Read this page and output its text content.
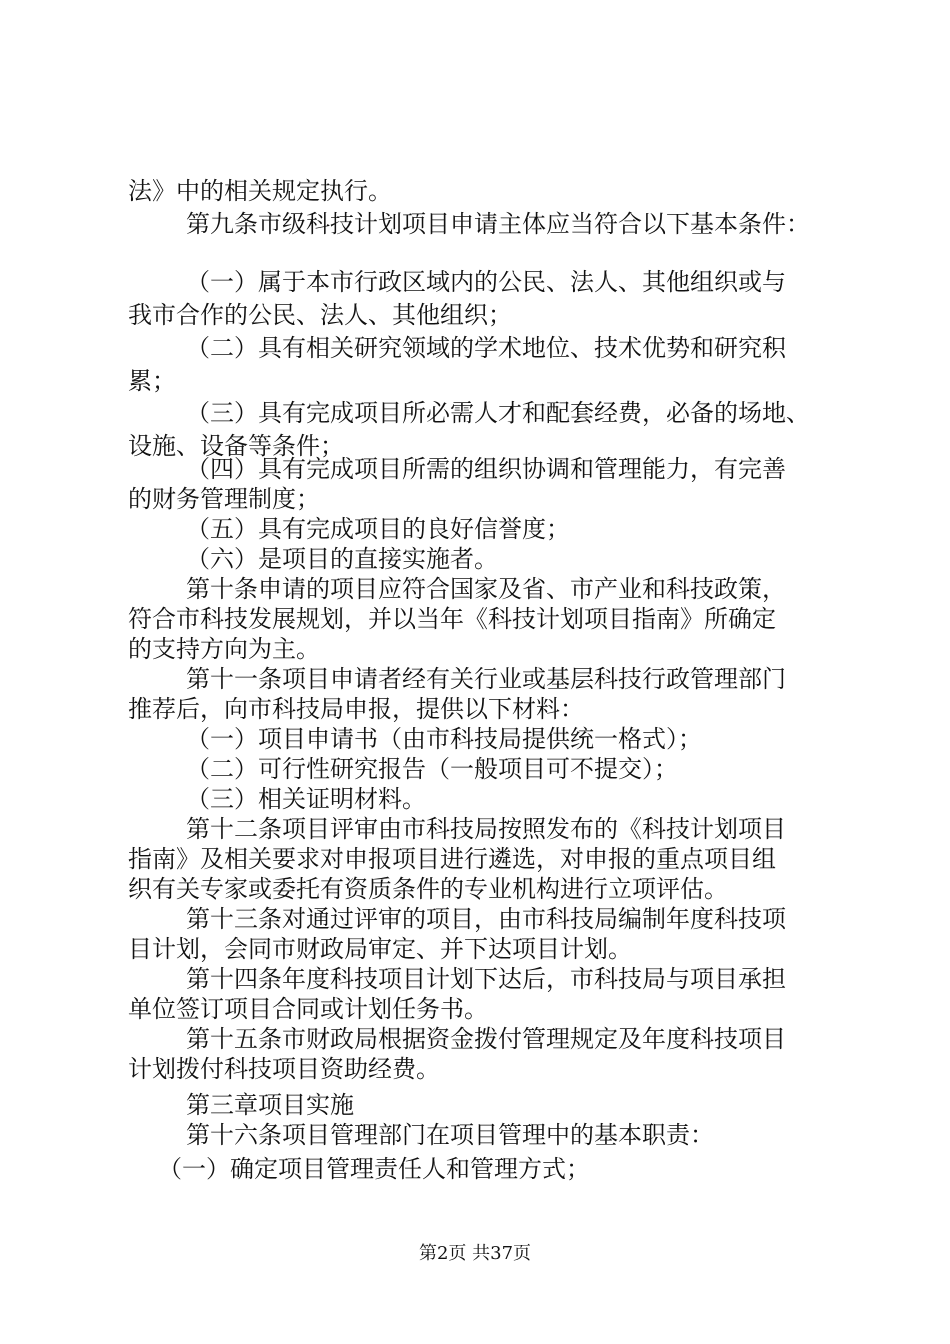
法》中的相关规定执行。
第九条市级科技计划项目申请主体应当符合以下基本条件：
（一）属于本市行政区域内的公民、法人、其他组织或与
我市合作的公民、法人、其他组织；
（二）具有相关研究领域的学术地位、技术优势和研究积
累；
（三）具有完成项目所必需人才和配套经费，必备的场地、
设施、设备等条件；
（四）具有完成项目所需的组织协调和管理能力，有完善
的财务管理制度；
（五）具有完成项目的良好信誉度；
（六）是项目的直接实施者。
第十条申请的项目应符合国家及省、市产业和科技政策，
符合市科技发展规划，并以当年《科技计划项目指南》所确定
的支持方向为主。
第十一条项目申请者经有关行业或基层科技行政管理部门
推荐后，向市科技局申报，提供以下材料：
（一）项目申请书（由市科技局提供统一格式）；
（二）可行性研究报告（一般项目可不提交）；
（三）相关证明材料。
第十二条项目评审由市科技局按照发布的《科技计划项目
指南》及相关要求对申报项目进行遴选，对申报的重点项目组
织有关专家或委托有资质条件的专业机构进行立项评估。
第十三条对通过评审的项目，由市科技局编制年度科技项
目计划，会同市财政局审定、并下达项目计划。
第十四条年度科技项目计划下达后，市科技局与项目承担
单位签订项目合同或计划任务书。
第十五条市财政局根据资金拨付管理规定及年度科技项目
计划拨付科技项目资助经费。
第三章项目实施
第十六条项目管理部门在项目管理中的基本职责：
（一）确定项目管理责任人和管理方式；
第2页 共37页
